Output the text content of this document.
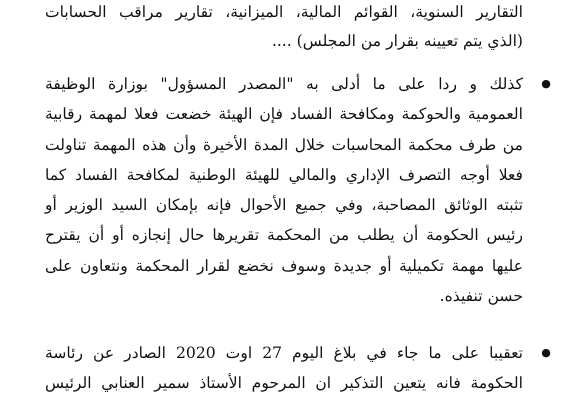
التقارير السنوية، القوائم المالية، الميزانية، تقارير مراقب الحسابات
(الذي يتم تعيينه بقرار من المجلس) ....
●
كذلك و ردا على ما أدلى به "المصدر المسؤول" بوزارة الوظيفة
العمومية والحوكمة ومكافحة الفساد فإن الهيئة خضعت فعلا لمهمة رقابية
من طرف محكمة المحاسبات خلال المدة الأخيرة وأن هذه المهمة تناولت
فعلا أوجه التصرف الإداري والمالي للهيئة الوطنية لمكافحة الفساد كما
تثبته الوثائق المصاحبة، وفي جميع الأحوال فإنه بإمكان السيد الوزير أو
رئيس الحكومة أن يطلب من المحكمة تقريرها حال إنجازه أو أن يقترح
عليها مهمة تكميلية أو جديدة وسوف نخضع لقرار المحكمة ونتعاون على
حسن تنفيذه.
●
تعقيبا على ما جاء في بلاغ اليوم 27 اوت 2020 الصادر عن رئاسة
الحكومة فانه يتعين التذكير ان المرحوم الأستاذ سمير العنابي الرئيس
